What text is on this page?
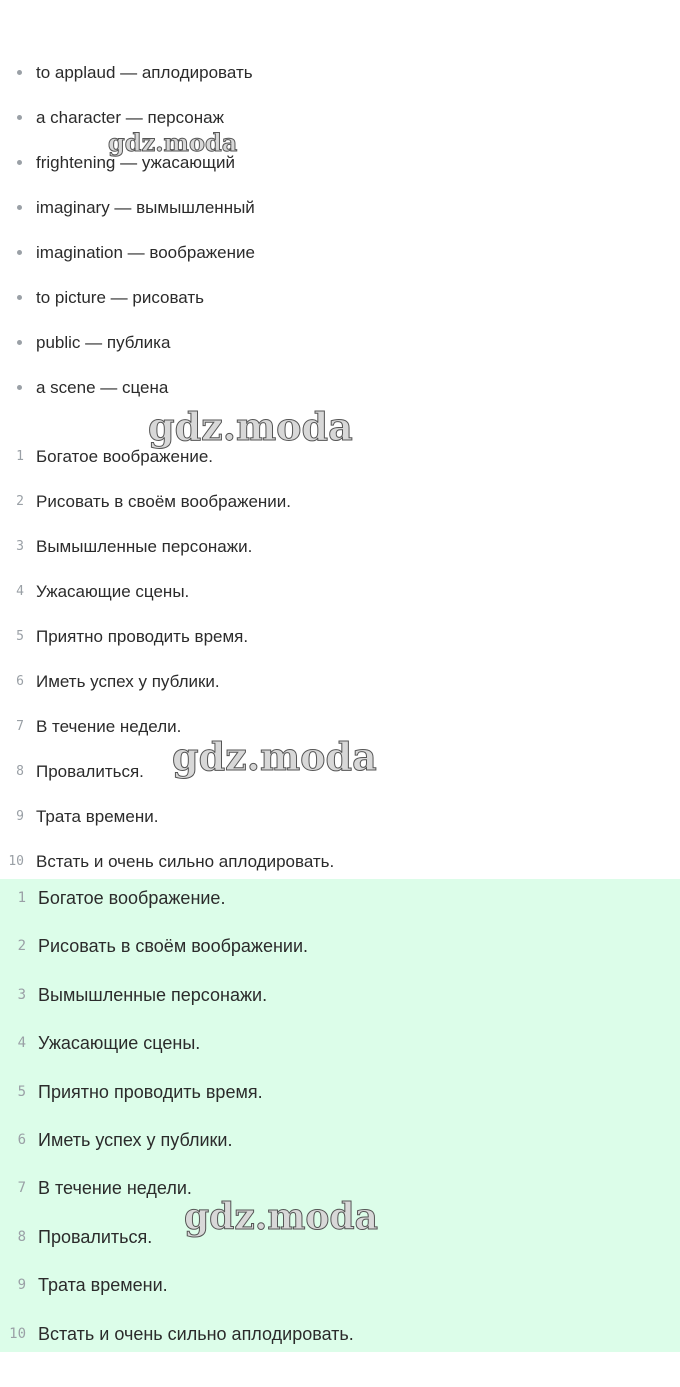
to applaud — аплодировать
a character — персонаж
frightening — ужасающий
imaginary — вымышленный
imagination — воображение
to picture — рисовать
public — публика
a scene — сцена
1 Богатое воображение.
2 Рисовать в своём воображении.
3 Вымышленные персонажи.
4 Ужасающие сцены.
5 Приятно проводить время.
6 Иметь успех у публики.
7 В течение недели.
8 Провалиться.
9 Трата времени.
10 Встать и очень сильно аплодировать.
1 Богатое воображение.
2 Рисовать в своём воображении.
3 Вымышленные персонажи.
4 Ужасающие сцены.
5 Приятно проводить время.
6 Иметь успех у публики.
7 В течение недели.
8 Провалиться.
9 Трата времени.
10 Встать и очень сильно аплодировать.
gdz.moda
gdz.moda
gdz.moda
gdz.moda
